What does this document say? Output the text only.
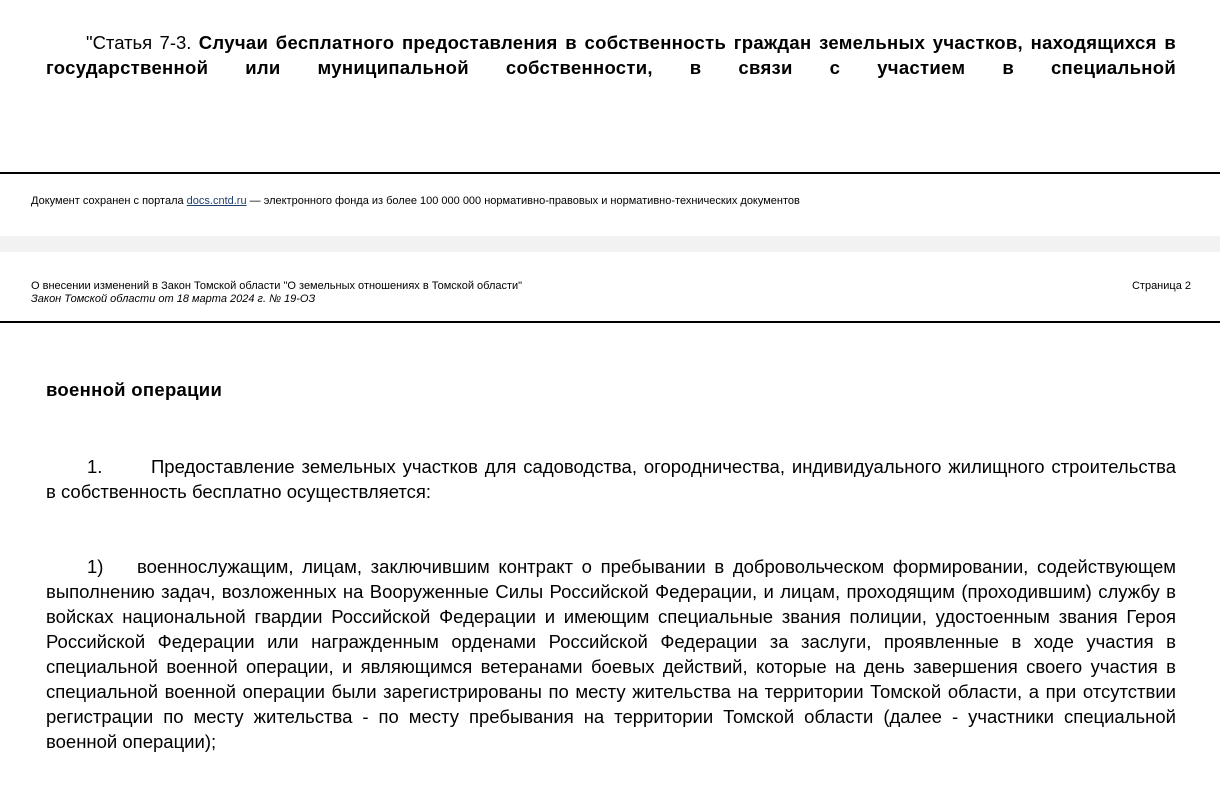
"Статья 7-3. Случаи бесплатного предоставления в собственность граждан земельных участков, находящихся в государственной или муниципальной собственности, в связи с участием в специальной
Документ сохранен с портала docs.cntd.ru — электронного фонда из более 100 000 000 нормативно-правовых и нормативно-технических документов
О внесении изменений в Закон Томской области "О земельных отношениях в Томской области"
Закон Томской области от 18 марта 2024 г. № 19-ОЗ
Страница 2
военной операции
1.	Предоставление земельных участков для садоводства, огородничества, индивидуального жилищного строительства в собственность бесплатно осуществляется:
1) военнослужащим, лицам, заключившим контракт о пребывании в добровольческом формировании, содействующем выполнению задач, возложенных на Вооруженные Силы Российской Федерации, и лицам, проходящим (проходившим) службу в войсках национальной гвардии Российской Федерации и имеющим специальные звания полиции, удостоенным звания Героя Российской Федерации или награжденным орденами Российской Федерации за заслуги, проявленные в ходе участия в специальной военной операции, и являющимся ветеранами боевых действий, которые на день завершения своего участия в специальной военной операции были зарегистрированы по месту жительства на территории Томской области, а при отсутствии регистрации по месту жительства - по месту пребывания на территории Томской области (далее - участники специальной военной операции);
